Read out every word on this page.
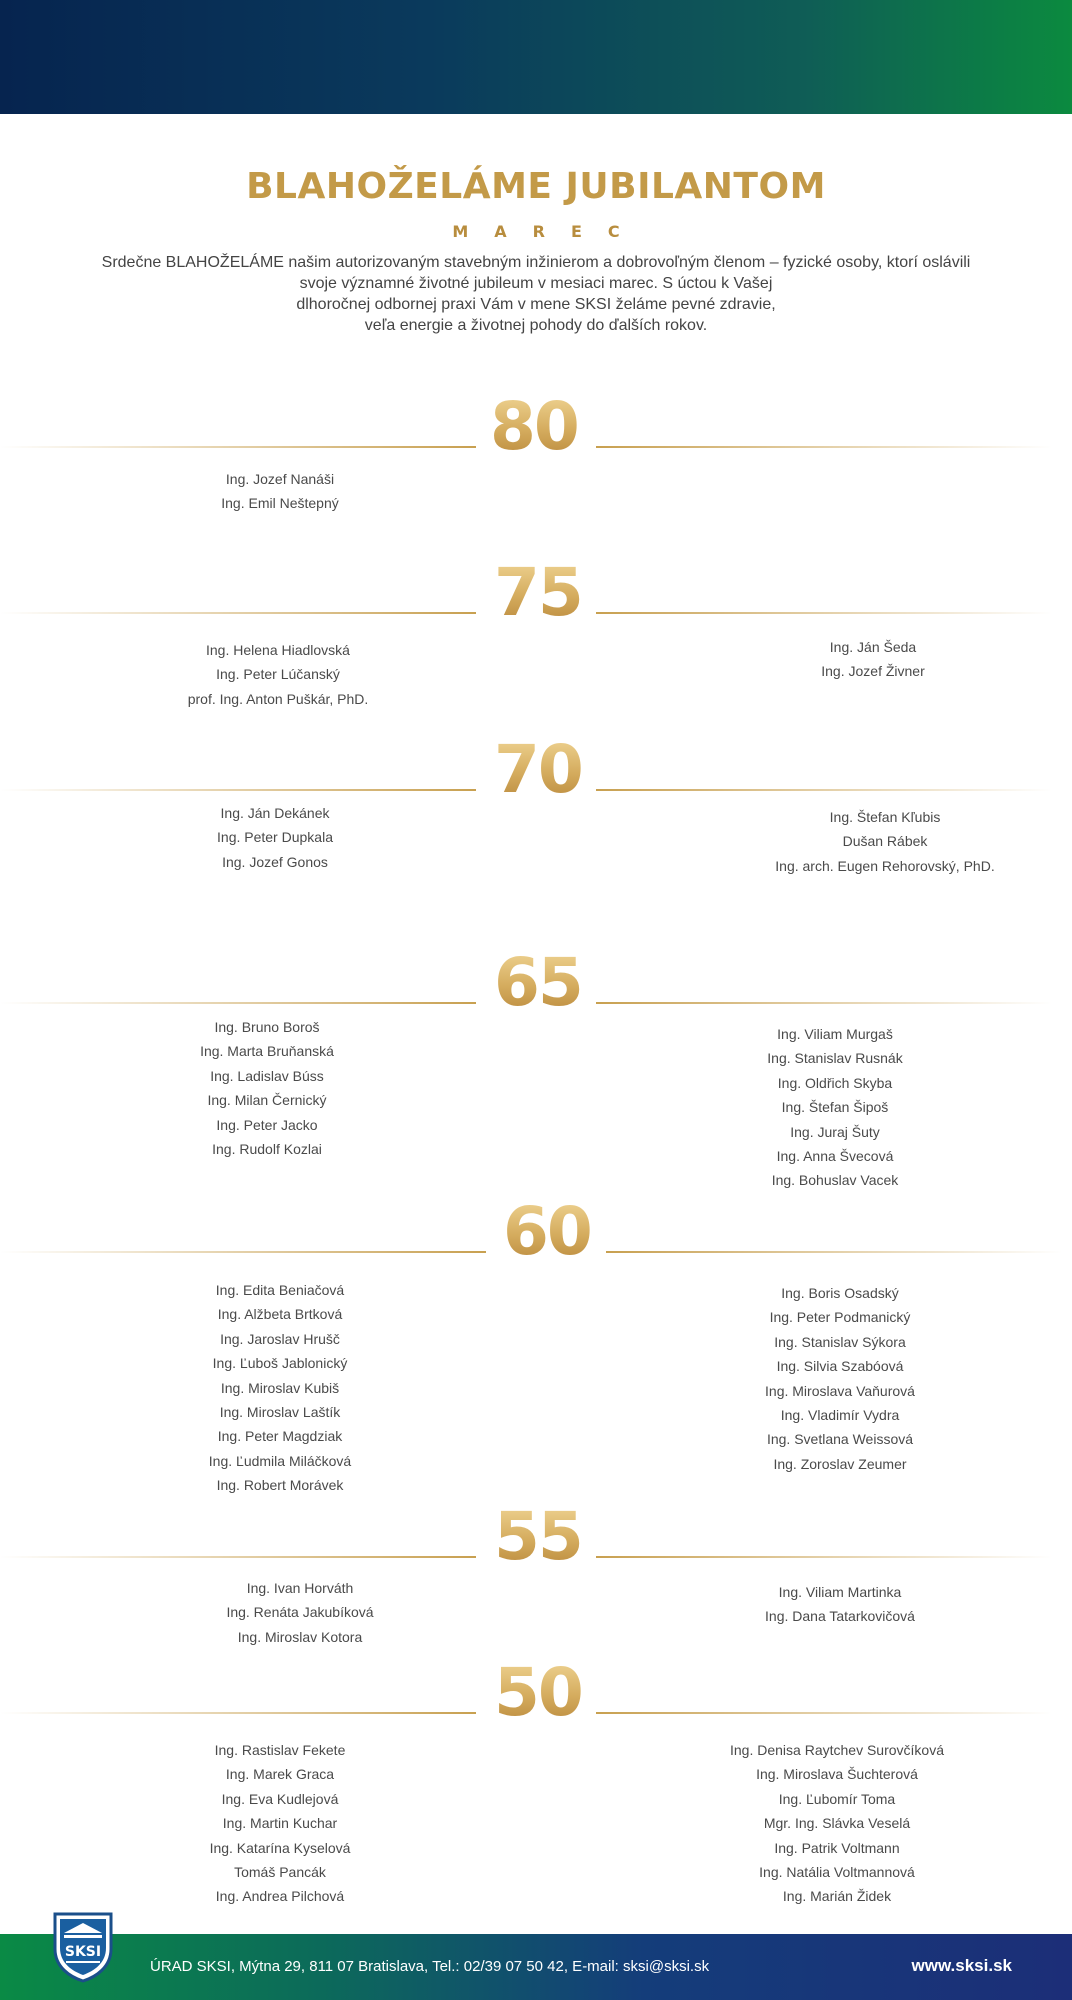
BLAHOŽELÁME JUBILANTOM
MAREC
Srdečne BLAHOŽELÁME našim autorizovaným stavebným inžinierom a dobrovoľným členom – fyzické osoby, ktorí oslávili
svoje významné životné jubileum v mesiaci marec. S úctou k Vašej
dlhoročnej odbornej praxi Vám v mene SKSI želáme pevné zdravie,
veľa energie a životnej pohody do ďalších rokov.
80
Ing. Jozef Nanáši
Ing. Emil Neštepný
75
Ing. Helena Hiadlovská
Ing. Peter Lúčanský
prof. Ing. Anton Puškár, PhD.
Ing. Ján Šeda
Ing. Jozef Živner
70
Ing. Ján Dekánek
Ing. Peter Dupkala
Ing. Jozef Gonos
Ing. Štefan Kľubis
Dušan Rábek
Ing. arch. Eugen Rehorovský, PhD.
65
Ing. Bruno Boroš
Ing. Marta Bruňanská
Ing. Ladislav Búss
Ing. Milan Černický
Ing. Peter Jacko
Ing. Rudolf Kozlai
Ing. Viliam Murgaš
Ing. Stanislav Rusnák
Ing. Oldřich Skyba
Ing. Štefan Šipoš
Ing. Juraj Šuty
Ing. Anna Švecová
Ing. Bohuslav Vacek
60
Ing. Edita Beniačová
Ing. Alžbeta Brtková
Ing. Jaroslav Hrušč
Ing. Ľuboš Jablonický
Ing. Miroslav Kubiš
Ing. Miroslav Laštík
Ing. Peter Magdziak
Ing. Ľudmila Miláčková
Ing. Robert Morávek
Ing. Boris Osadský
Ing. Peter Podmanický
Ing. Stanislav Sýkora
Ing. Silvia Szabóová
Ing. Miroslava Vaňurová
Ing. Vladimír Vydra
Ing. Svetlana Weissová
Ing. Zoroslav Zeumer
55
Ing. Ivan Horváth
Ing. Renáta Jakubíková
Ing. Miroslav Kotora
Ing. Viliam Martinka
Ing. Dana Tatarkovičová
50
Ing. Rastislav Fekete
Ing. Marek Graca
Ing. Eva Kudlejová
Ing. Martin Kuchar
Ing. Katarína Kyselová
Tomáš Pancák
Ing. Andrea Pilchová
Ing. Denisa Raytchev Surovčíková
Ing. Miroslava Šuchterová
Ing. Ľubomír Toma
Mgr. Ing. Slávka Veselá
Ing. Patrik Voltmann
Ing. Natália Voltmannová
Ing. Marián Židek
ÚRAD SKSI, Mýtna 29, 811 07 Bratislava, Tel.: 02/39 07 50 42, E-mail: sksi@sksi.sk	www.sksi.sk
SKSI
